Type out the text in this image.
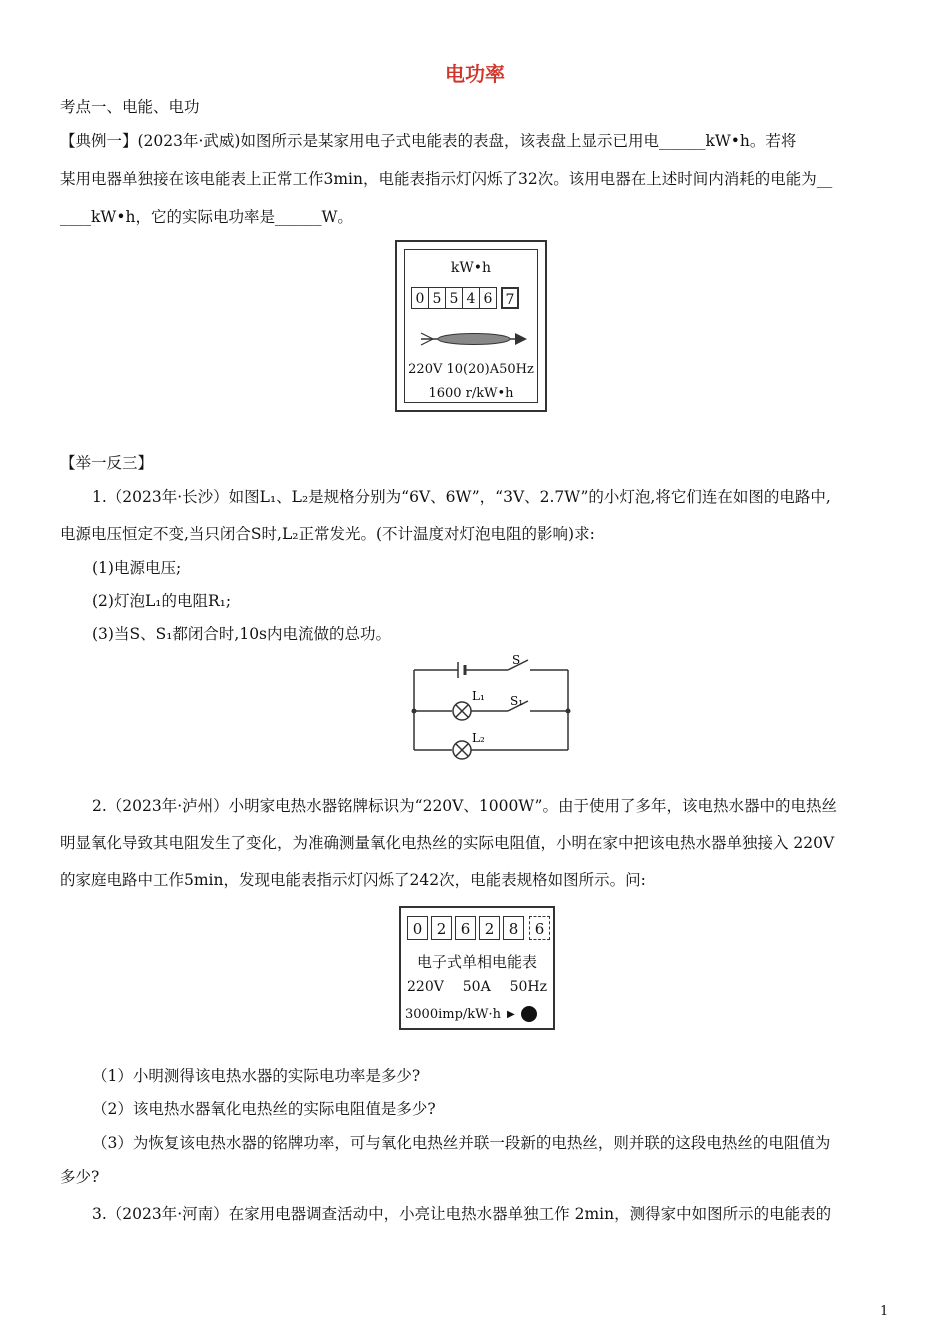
电功率
考点一、电能、电功
【典例一】(2023年·武威)如图所示是某家用电子式电能表的表盘，该表盘上显示已用电______kW•h。若将
某用电器单独接在该电能表上正常工作3min，电能表指示灯闪烁了32次。该用电器在上述时间内消耗的电能为__
____kW•h，它的实际电功率是______W。
kW•h
0 5 5 4 6 7
220V 10(20)A50Hz
1600 r/kW•h
【举一反三】
1.（2023年·长沙）如图L₁、L₂是规格分别为“6V、6W”，“3V、2.7W”的小灯泡,将它们连在如图的电路中,
电源电压恒定不变,当只闭合S时,L₂正常发光。(不计温度对灯泡电阻的影响)求:
(1)电源电压;
(2)灯泡L₁的电阻R₁;
(3)当S、S₁都闭合时,10s内电流做的总功。
S
S₁
L₁
L₂
2.（2023年·泸州）小明家电热水器铭牌标识为“220V、1000W”。由于使用了多年，该电热水器中的电热丝
明显氧化导致其电阻发生了变化，为准确测量氧化电热丝的实际电阻值，小明在家中把该电热水器单独接入 220V
的家庭电路中工作5min，发现电能表指示灯闪烁了242次，电能表规格如图所示。问:
0 2 6 2 8	6
电子式单相电能表
220V 50A 50Hz
3000imp/kW·h ▶
（1）小明测得该电热水器的实际电功率是多少?
（2）该电热水器氧化电热丝的实际电阻值是多少?
（3）为恢复该电热水器的铭牌功率，可与氧化电热丝并联一段新的电热丝，则并联的这段电热丝的电阻值为
多少?
3.（2023年·河南）在家用电器调查活动中，小亮让电热水器单独工作 2min，测得家中如图所示的电能表的
1
